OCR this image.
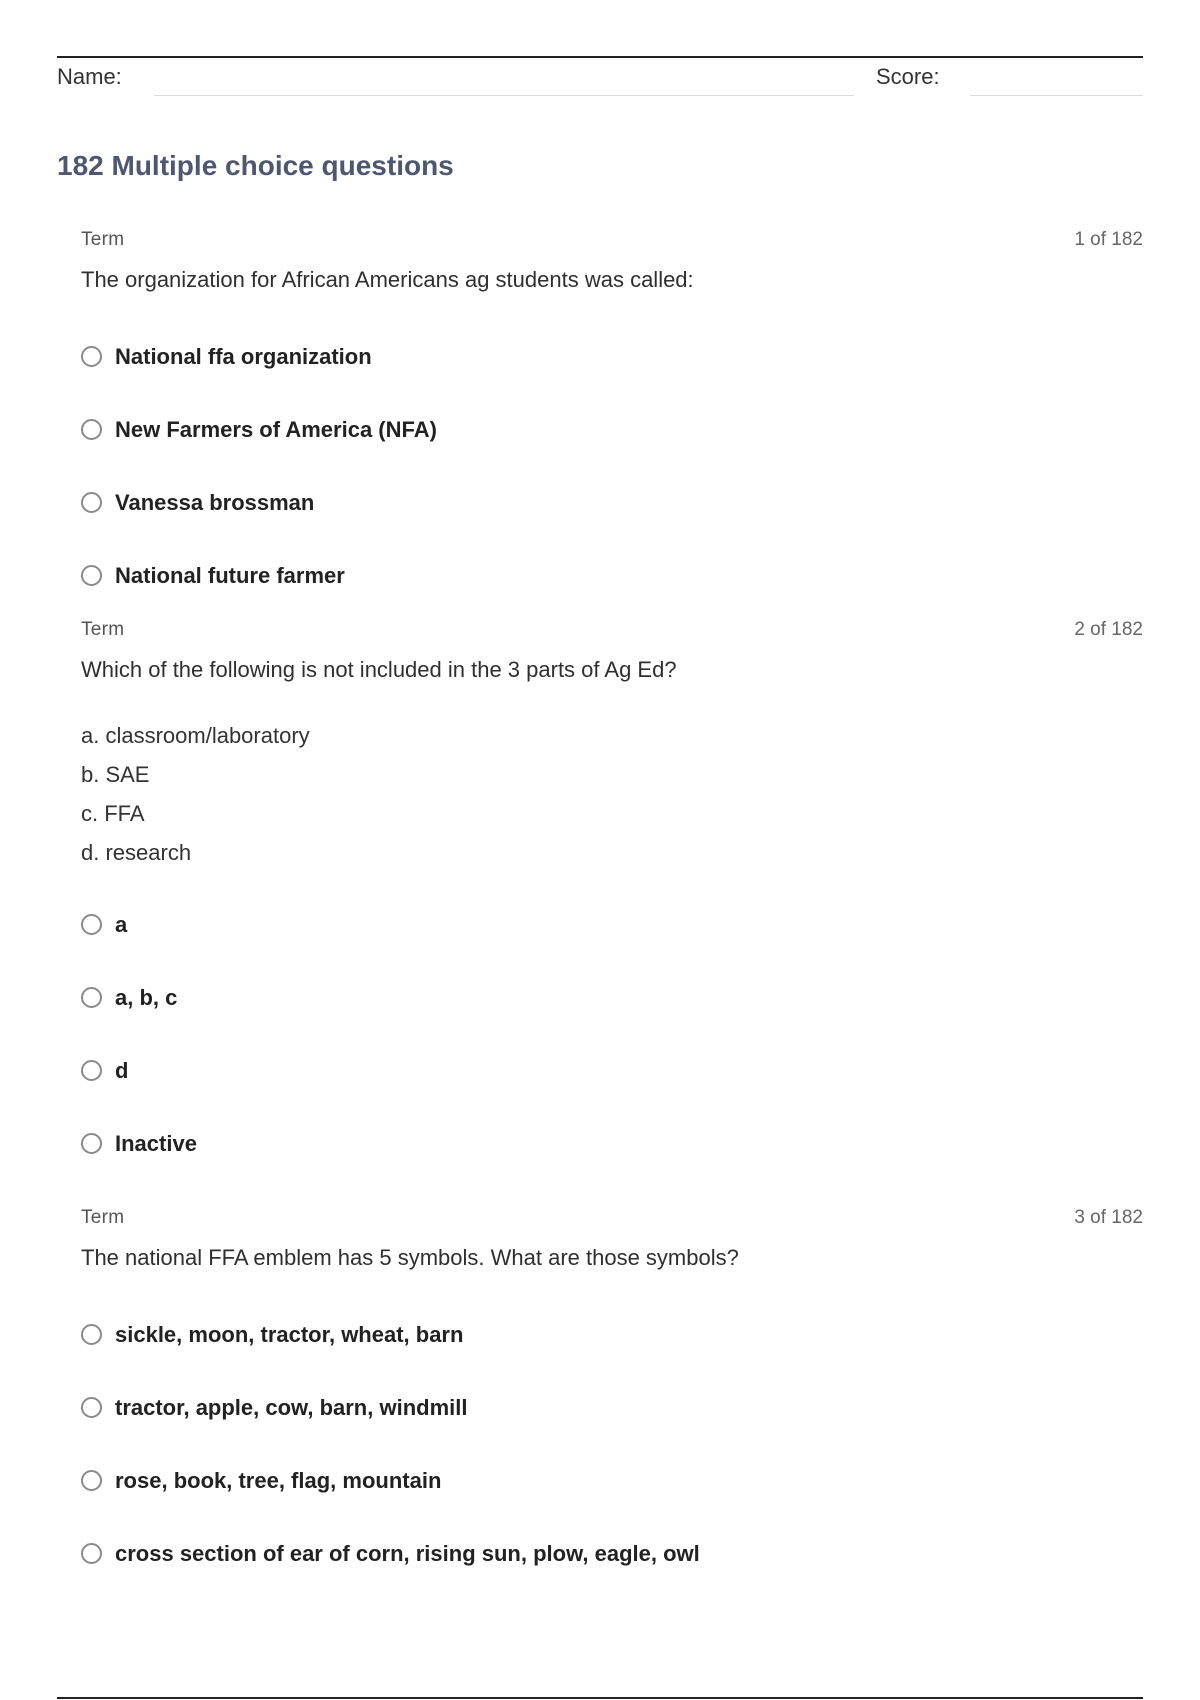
Name:	Score:
182 Multiple choice questions
Term	1 of 182
The organization for African Americans ag students was called:
National ffa organization
New Farmers of America (NFA)
Vanessa brossman
National future farmer
Term	2 of 182
Which of the following is not included in the 3 parts of Ag Ed?
a. classroom/laboratory
b. SAE
c. FFA
d. research
a
a, b, c
d
Inactive
Term	3 of 182
The national FFA emblem has 5 symbols. What are those symbols?
sickle, moon, tractor, wheat, barn
tractor, apple, cow, barn, windmill
rose, book, tree, flag, mountain
cross section of ear of corn, rising sun, plow, eagle, owl
